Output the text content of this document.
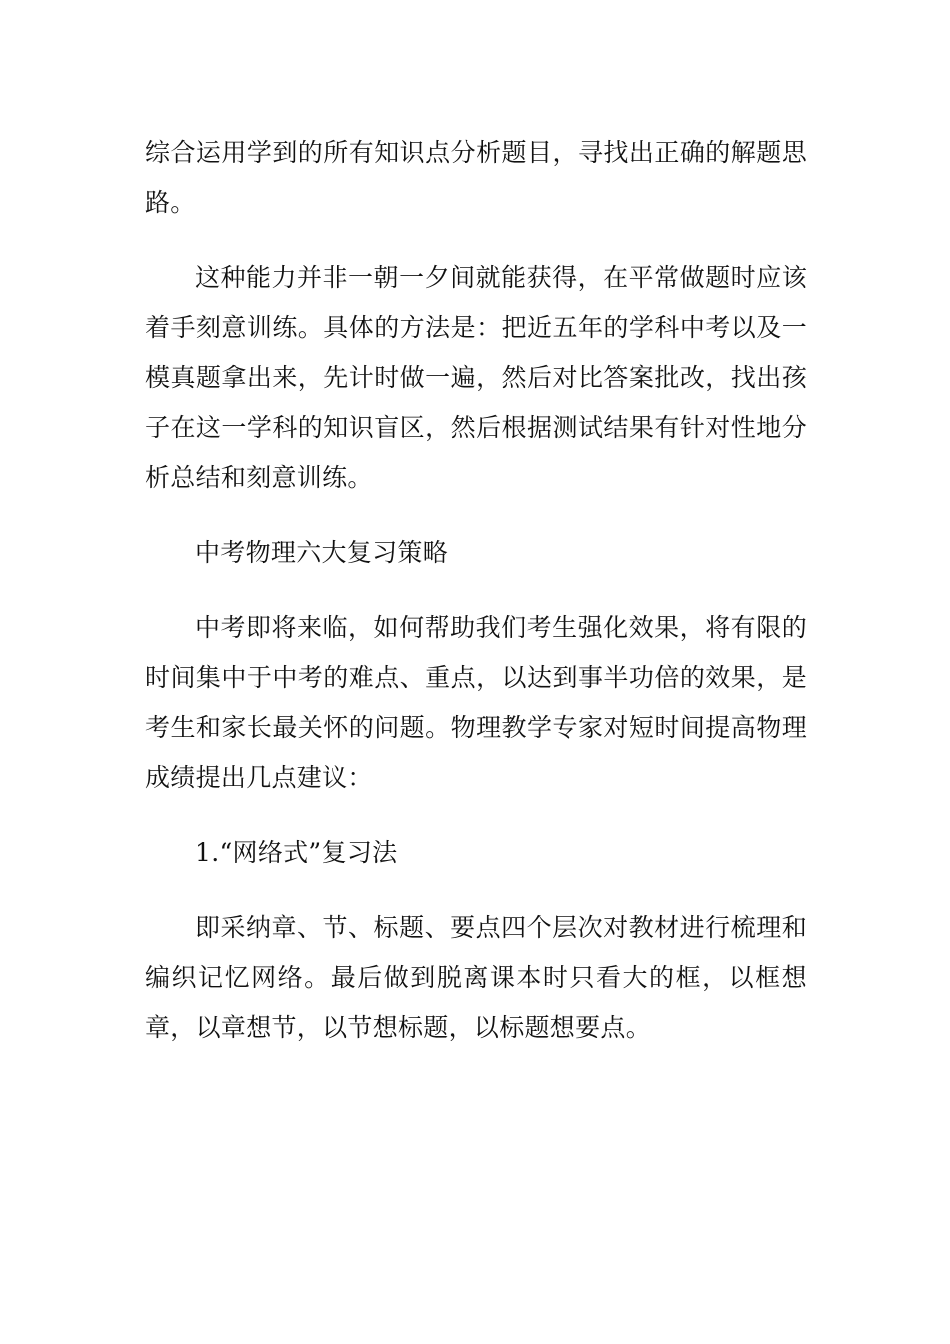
综合运用学到的所有知识点分析题目，寻找出正确的解题思路。

这种能力并非一朝一夕间就能获得，在平常做题时应该着手刻意训练。具体的方法是：把近五年的学科中考以及一模真题拿出来，先计时做一遍，然后对比答案批改，找出孩子在这一学科的知识盲区，然后根据测试结果有针对性地分析总结和刻意训练。

中考物理六大复习策略

中考即将来临，如何帮助我们考生强化效果，将有限的时间集中于中考的难点、重点，以达到事半功倍的效果，是考生和家长最关怀的问题。物理教学专家对短时间提高物理成绩提出几点建议：

1.“网络式”复习法

即采纳章、节、标题、要点四个层次对教材进行梳理和编织记忆网络。最后做到脱离课本时只看大的框，以框想章，以章想节，以节想标题，以标题想要点。
